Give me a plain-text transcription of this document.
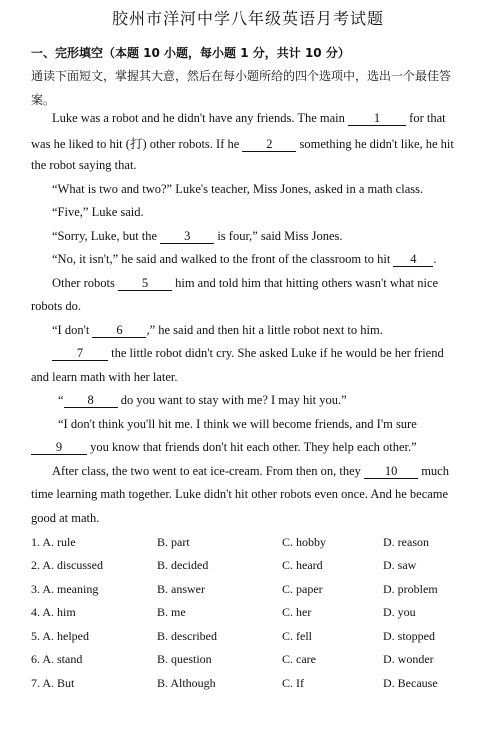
胶州市洋河中学八年级英语月考试题
一、完形填空（本题 10 小题，每小题 1 分，共计 10 分）
通读下面短文，掌握其大意，然后在每小题所给的四个选项中，选出一个最佳答案。
Luke was a robot and he didn't have any friends. The main 1 for that
was he liked to hit (打) other robots. If he 2 something he didn't like, he hit
the robot saying that.
“What is two and two?” Luke's teacher, Miss Jones, asked in a math class.
“Five,” Luke said.
“Sorry, Luke, but the 3 is four,” said Miss Jones.
“No, it isn't,” he said and walked to the front of the classroom to hit 4 .
Other robots 5 him and told him that hitting others wasn't what nice
robots do.
“I don't 6 ,” he said and then hit a little robot next to him.
7 the little robot didn't cry. She asked Luke if he would be her friend
and learn math with her later.
“ 8 do you want to stay with me? I may hit you.”
“I don't think you'll hit me. I think we will become friends, and I'm sure
9 you know that friends don't hit each other. They help each other.”
After class, the two went to eat ice-cream. From then on, they 10 much
time learning math together. Luke didn't hit other robots even once. And he became
good at math.
1. A. rule	B. part	C. hobby	D. reason
2. A. discussed	B. decided	C. heard	D. saw
3. A. meaning	B. answer	C. paper	D. problem
4. A. him	B. me	C. her	D. you
5. A. helped	B. described	C. fell	D. stopped
6. A. stand	B. question	C. care	D. wonder
7. A. But	B. Although	C. If	D. Because
